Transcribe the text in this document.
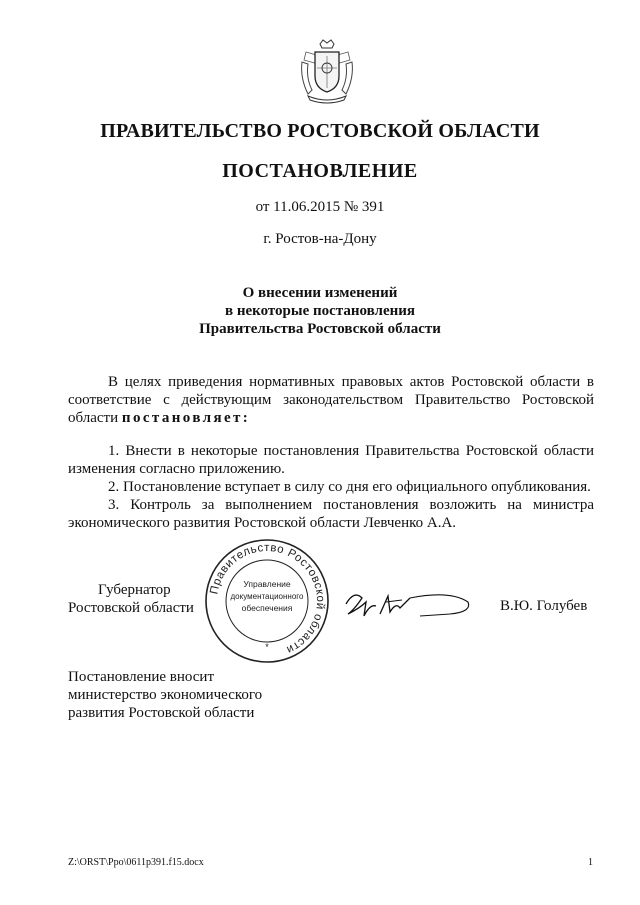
ПРАВИТЕЛЬСТВО РОСТОВСКОЙ ОБЛАСТИ
ПОСТАНОВЛЕНИЕ
от 11.06.2015 № 391
г. Ростов-на-Дону
О внесении изменений
в некоторые постановления
Правительства Ростовской области
В целях приведения нормативных правовых актов Ростовской области в соответствие с действующим законодательством Правительство Ростовской области постановляет:
1. Внести в некоторые постановления Правительства Ростовской области изменения согласно приложению.
2. Постановление вступает в силу со дня его официального опубликования.
3. Контроль за выполнением постановления возложить на министра экономического развития Ростовской области Левченко А.А.
Губернатор
Ростовской области
Правительство Ростовской области
Управление
документационного
обеспечения
*
В.Ю. Голубев
Постановление вносит
министерство экономического
развития Ростовской области
Z:\ORST\Ppo\0611p391.f15.docx	1
